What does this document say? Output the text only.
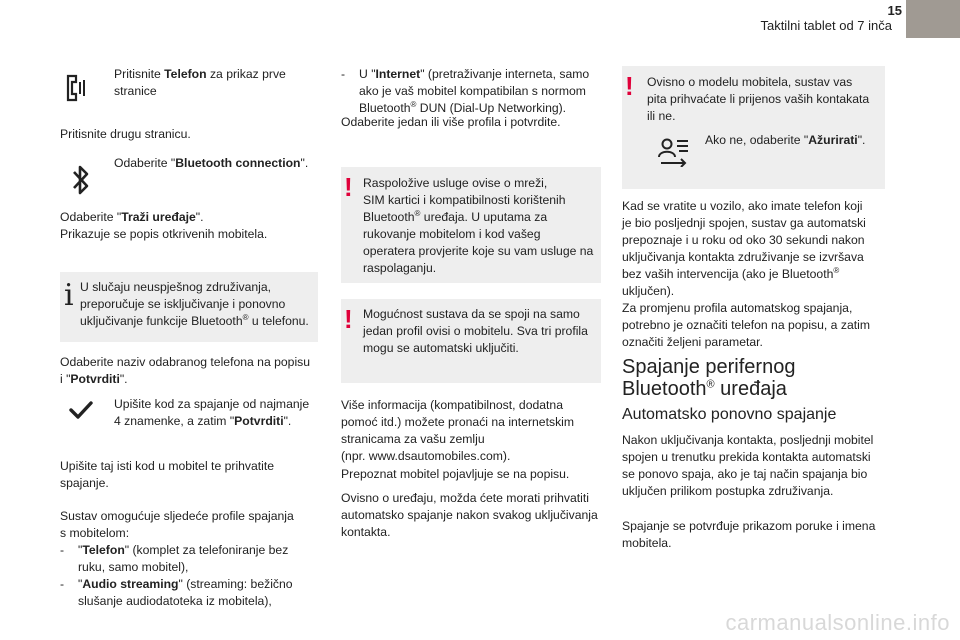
15
Taktilni tablet od 7 inča
Pritisnite Telefon za prikaz prve
stranice
Pritisnite drugu stranicu.
Odaberite "Bluetooth connection".
Odaberite "Traži uređaje".
Prikazuje se popis otkrivenih mobitela.
i U slučaju neuspješnog združivanja,
preporučuje se isključivanje i ponovno
uključivanje funkcije Bluetooth® u telefonu.
Odaberite naziv odabranog telefona na popisu
i "Potvrditi".
Upišite kod za spajanje od najmanje
4 znamenke, a zatim "Potvrditi".
Upišite taj isti kod u mobitel te prihvatite
spajanje.
Sustav omogućuje sljedeće profile spajanja
s mobitelom:
- "Telefon" (komplet za telefoniranje bez
ruku, samo mobitel),
- "Audio streaming" (streaming: bežično
slušanje audiodatoteka iz mobitela),
- U "Internet" (pretraživanje interneta, samo
ako je vaš mobitel kompatibilan s normom
Bluetooth® DUN (Dial-Up Networking).
Odaberite jedan ili više profila i potvrdite.
! Raspoložive usluge ovise o mreži,
SIM kartici i kompatibilnosti korištenih
Bluetooth® uređaja. U uputama za
rukovanje mobitelom i kod vašeg
operatera provjerite koje su vam usluge na
raspolaganju.
! Mogućnost sustava da se spoji na samo
jedan profil ovisi o mobitelu. Sva tri profila
mogu se automatski uključiti.
Više informacija (kompatibilnost, dodatna
pomoć itd.) možete pronaći na internetskim
stranicama za vašu zemlju
(npr. www.dsautomobiles.com).
Prepoznat mobitel pojavljuje se na popisu.
Ovisno o uređaju, možda ćete morati prihvatiti
automatsko spajanje nakon svakog uključivanja
kontakta.
! Ovisno o modelu mobitela, sustav vas
pita prihvaćate li prijenos vaših kontakata
ili ne.
Ako ne, odaberite "Ažurirati".
Kad se vratite u vozilo, ako imate telefon koji
je bio posljednji spojen, sustav ga automatski
prepoznaje i u roku od oko 30 sekundi nakon
uključivanja kontakta združivanje se izvršava
bez vaših intervencija (ako je Bluetooth®
uključen).
Za promjenu profila automatskog spajanja,
potrebno je označiti telefon na popisu, a zatim
označiti željeni parametar.
Spajanje perifernog
Bluetooth® uređaja
Automatsko ponovno spajanje
Nakon uključivanja kontakta, posljednji mobitel
spojen u trenutku prekida kontakta automatski
se ponovo spaja, ako je taj način spajanja bio
uključen prilikom postupka združivanja.
Spajanje se potvrđuje prikazom poruke i imena
mobitela.
carmanualsonline.info
